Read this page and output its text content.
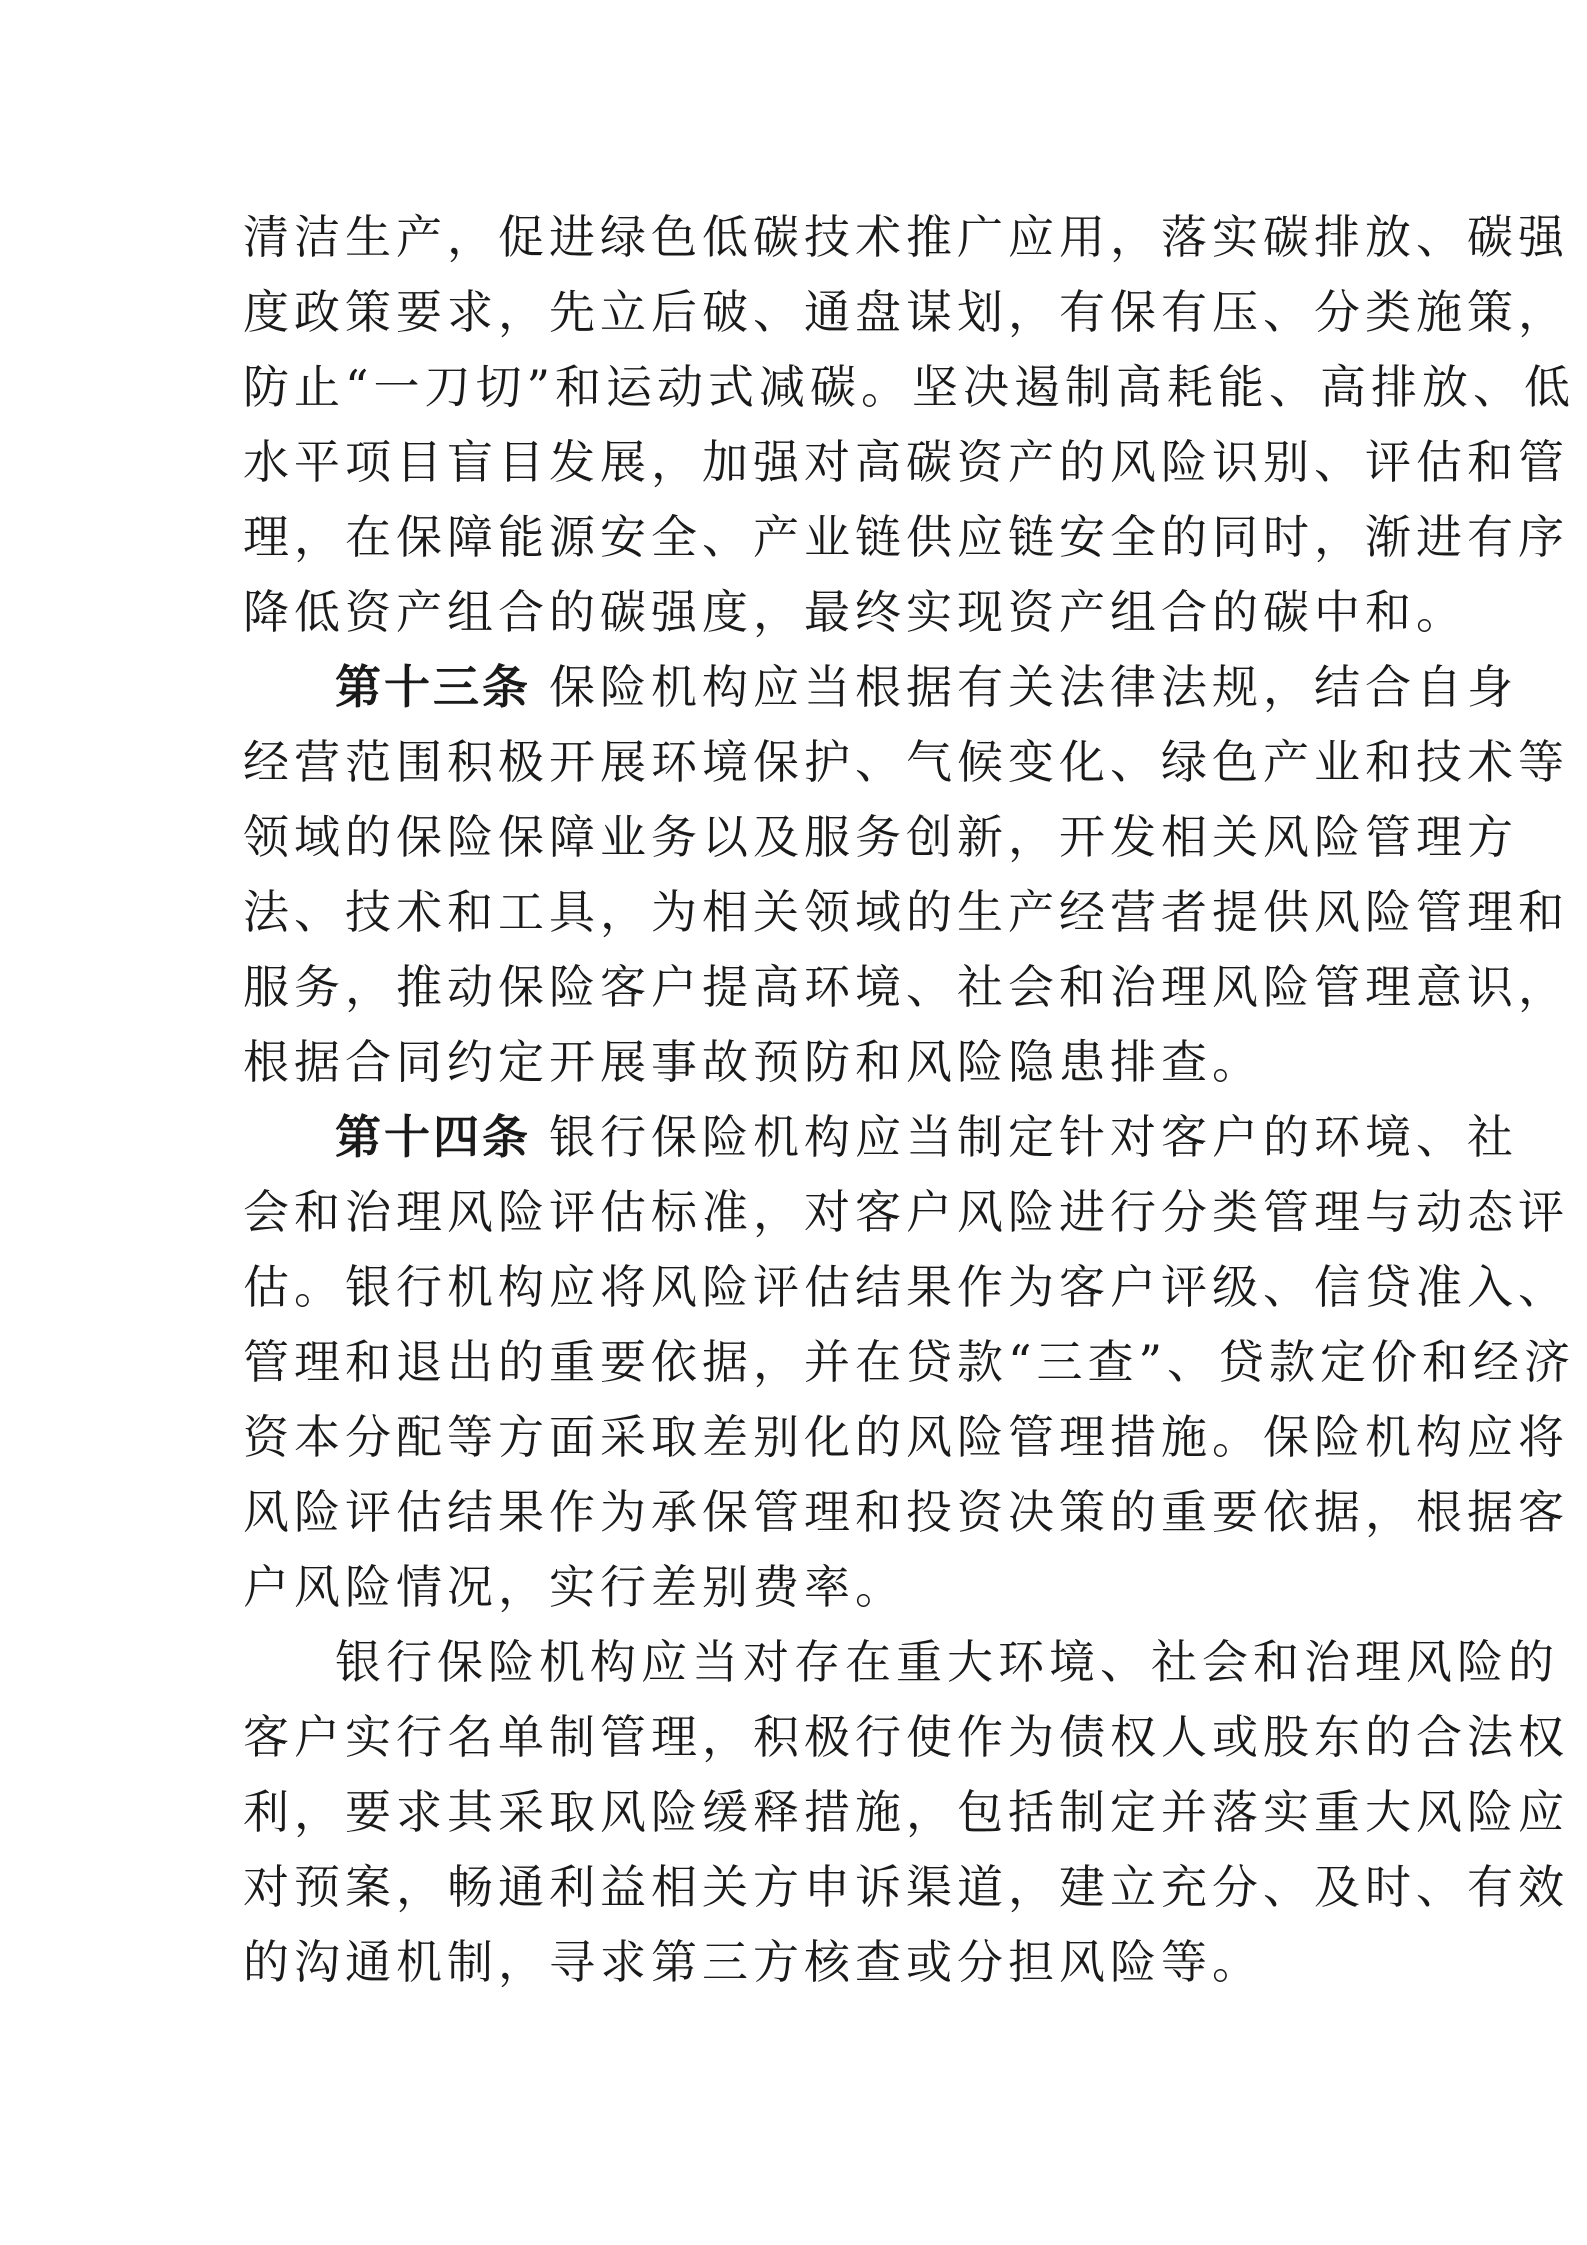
清洁生产，促进绿色低碳技术推广应用，落实碳排放、碳强
度政策要求，先立后破、通盘谋划，有保有压、分类施策，
防止“一刀切”和运动式减碳。坚决遏制高耗能、高排放、低
水平项目盲目发展，加强对高碳资产的风险识别、评估和管
理，在保障能源安全、产业链供应链安全的同时，渐进有序
降低资产组合的碳强度，最终实现资产组合的碳中和。
第十三条 保险机构应当根据有关法律法规，结合自身
经营范围积极开展环境保护、气候变化、绿色产业和技术等
领域的保险保障业务以及服务创新，开发相关风险管理方
法、技术和工具，为相关领域的生产经营者提供风险管理和
服务，推动保险客户提高环境、社会和治理风险管理意识，
根据合同约定开展事故预防和风险隐患排查。
第十四条 银行保险机构应当制定针对客户的环境、社
会和治理风险评估标准，对客户风险进行分类管理与动态评
估。银行机构应将风险评估结果作为客户评级、信贷准入、
管理和退出的重要依据，并在贷款“三查”、贷款定价和经济
资本分配等方面采取差别化的风险管理措施。保险机构应将
风险评估结果作为承保管理和投资决策的重要依据，根据客
户风险情况，实行差别费率。
银行保险机构应当对存在重大环境、社会和治理风险的
客户实行名单制管理，积极行使作为债权人或股东的合法权
利，要求其采取风险缓释措施，包括制定并落实重大风险应
对预案，畅通利益相关方申诉渠道，建立充分、及时、有效
的沟通机制，寻求第三方核查或分担风险等。
